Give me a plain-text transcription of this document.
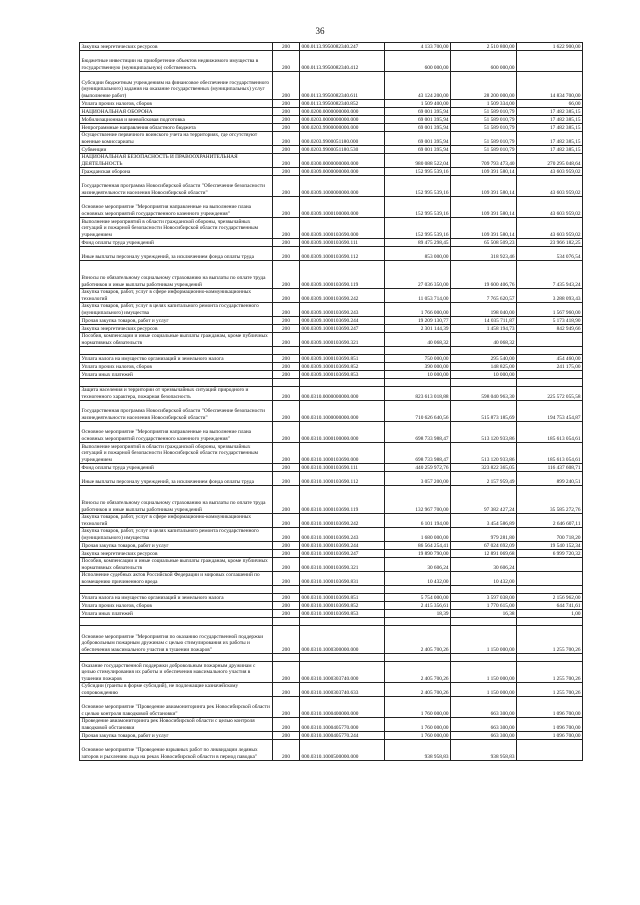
36
Закупка энергетических ресурсов	200	000.0113.9950082340.247	4 133 700,00	2 510 800,00	1 622 900,00
Бюджетные инвестиции на приобретение объектов недвижимого имущества в государственную (муниципальную) собственность	200	000.0113.9950082340.412	600 000,00	600 000,00	
Субсидии бюджетным учреждениям на финансовое обеспечение государственного (муниципального) задания на оказание государственных (муниципальных) услуг (выполнение работ)	200	000.0113.9950082340.611	43 124 200,00	28 200 000,00	14 834 700,00
Уплата прочих налогов, сборов	200	000.0113.9950082340.852	1 509 400,00	1 509 334,00	66,00
НАЦИОНАЛЬНАЯ ОБОРОНА	200	000.0200.0000000000.000	69 001 395,94	51 589 010,79	17 482 385,15
Мобилизационная и вневойсковая подготовка	200	000.0203.0000000000.000	69 001 395,94	51 589 010,79	17 482 385,15
Непрограммные направления областного бюджета	200	000.0203.9900000000.000	69 001 395,94	51 589 010,79	17 482 385,15
Осуществление первичного воинского учета на территориях, где отсутствуют военные комиссариаты	200	000.0203.9900051180.000	69 001 395,94	51 589 010,79	17 482 385,15
Субвенции	200	000.0203.9900051180.530	69 001 395,94	51 589 010,79	17 482 385,15
НАЦИОНАЛЬНАЯ БЕЗОПАСНОСТЬ И ПРАВООХРАНИТЕЛЬНАЯ ДЕЯТЕЛЬНОСТЬ	200	000.0300.0000000000.000	980 088 522,04	709 793 473,40	270 295 048,64
Гражданская оборона	200	000.0309.0000000000.000	152 995 539,16	109 391 580,14	43 603 959,02
Государственная программа Новосибирской области "Обеспечение безопасности жизнедеятельности населения Новосибирской области"	200	000.0309.1000000000.000	152 995 539,16	109 391 580,14	43 603 959,02
Основное мероприятие "Мероприятия направленные на выполнение плана основных мероприятий государственного казенного учреждения"	200	000.0309.1000100000.000	152 995 539,16	109 391 580,14	43 603 959,02
Выполнение мероприятий в области гражданской обороны, чрезвычайных ситуаций и пожарной безопасности Новосибирской области государственным учреждением	200	000.0309.1000103690.000	152 995 539,16	109 391 580,14	43 603 959,02
Фонд оплаты труда учреждений	200	000.0309.1000103690.111	89 475 298,45	65 508 509,23	23 966 182,25
Иные выплаты персоналу учреждений, за исключением фонда оплаты труда	200	000.0309.1000103690.112	853 000,00	318 923,46	534 076,54
Взносы по обязательному социальному страхованию на выплаты по оплате труда работников и иные выплаты работникам учреждений	200	000.0309.1000103690.119	27 036 350,00	19 600 406,76	7 435 943,24
Закупка товаров, работ, услуг в сфере информационно-коммуникационных технологий	200	000.0309.1000103690.242	11 053 714,00	7 765 620,57	3 288 093,43
Закупка товаров, работ, услуг в целях капитального ремонта государственного (муниципального) имущества	200	000.0309.1000103690.243	1 766 000,00	198 040,00	1 567 960,00
Прочая закупка товаров, работ и услуг	200	000.0309.1000103690.244	19 209 130,77	14 035 711,87	5 173 418,90
Закупка энергетических ресурсов	200	000.0309.1000103690.247	2 301 144,39	1 458 194,73	842 949,66
Пособия, компенсации и иные социальные выплаты гражданам, кроме публичных нормативных обязательств	200	000.0309.1000103690.321	40 068,32	40 068,32	

Уплата налога на имущество организаций и земельного налога	200	000.0309.1000103690.851	750 000,00	295 540,00	454 460,00
Уплата прочих налогов, сборов	200	000.0309.1000103690.852	390 000,00	148 825,00	241 175,00
Уплата иных платежей	200	000.0309.1000103690.853	10 000,00	10 000,00	

Защита населения и территории от чрезвычайных ситуаций природного и техногенного характера, пожарная безопасность	200	000.0310.0000000000.000	823 613 018,88	598 040 963,30	225 572 055,58
Государственная программа Новосибирской области "Обеспечение безопасности жизнедеятельности населения Новосибирской области"	200	000.0310.1000000000.000	710 626 640,56	515 873 185,69	194 753 454,87
Основное мероприятие "Мероприятия направленные на выполнение плана основных мероприятий государственного казенного учреждения"	200	000.0310.1000100000.000	698 733 988,47	513 120 933,86	185 613 054,61
Выполнение мероприятий в области гражданской обороны, чрезвычайных ситуаций и пожарной безопасности Новосибирской области государственным учреждением	200	000.0310.1000103690.000	698 733 988,47	513 120 933,86	185 613 054,61
Фонд оплаты труда учреждений	200	000.0310.1000103690.111	440 259 972,76	323 822 365,05	116 437 608,71
Иные выплаты персоналу учреждений, за исключением фонда оплаты труда	200	000.0310.1000103690.112	3 057 200,00	2 157 959,49	899 240,51
Взносы по обязательному социальному страхованию на выплаты по оплате труда работников и иные выплаты работникам учреждений	200	000.0310.1000103690.119	132 967 700,00	97 382 427,24	35 585 272,76
Закупка товаров, работ, услуг в сфере информационно-коммуникационных технологий	200	000.0310.1000103690.242	6 101 194,00	3 454 586,89	2 646 607,11
Закупка товаров, работ, услуг в целях капитального ремонта государственного (муниципального) имущества	200	000.0310.1000103690.243	1 680 000,00	979 281,80	700 718,20
Прочая закупка товаров, работ и услуг	200	000.0310.1000103690.244	86 564 254,41	67 024 692,09	19 540 152,34
Закупка энергетических ресурсов	200	000.0310.1000103690.247	19 890 790,00	12 891 069,68	6 999 720,32
Пособия, компенсации и иные социальные выплаты гражданам, кроме публичных нормативных обязательств	200	000.0310.1000103690.321	30 606,24	30 606,24	
Исполнение судебных актов Российской Федерации и мировых соглашений по возмещению причиненного вреда	200	000.0310.1000103690.831	10 432,00	10 432,00	

Уплата налога на имущество организаций и земельного налога	200	000.0310.1000103690.851	5 754 000,00	3 597 038,00	2 156 962,00
Уплата прочих налогов, сборов	200	000.0310.1000103690.852	2 415 356,61	1 770 615,00	644 741,61
Уплата иных платежей	200	000.0310.1000103690.853	18,39	16,38	1,00

Основное мероприятие "Мероприятия по оказанию государственной поддержки добровольным пожарным дружинам с целью стимулирования их работы и обеспечения максимального участия в тушении пожаров"	200	000.0310.1000300000.000	2 405 700,26	1 150 000,00	1 255 700,26

Оказание государственной поддержки добровольным пожарным дружинам с целью стимулирования их работы и обеспечения максимального участия в тушении пожаров	200	000.0310.1000303740.000	2 405 700,26	1 150 000,00	1 255 700,26
Субсидии (гранты в форме субсидий), не подлежащие казначейскому сопровождению	200	000.0310.1000303740.633	2 405 700,26	1 150 000,00	1 255 700,26
Основное мероприятие "Проведение авиамониторинга рек Новосибирской области с целью контроля паводковой обстановки"	200	000.0310.1000400000.000	1 760 000,00	663 300,00	1 096 700,00
Проведение авиамониторинга рек Новосибирской области с целью контроля паводковой обстановки	200	000.0310.1000405770.000	1 760 000,00	663 300,00	1 096 700,00
Прочая закупка товаров, работ и услуг	200	000.0310.1000405770.244	1 760 000,00	663 300,00	1 096 700,00
Основное мероприятие "Проведение взрывных работ по ликвидации ледяных заторов и рыхлению льда на реках Новосибирской области в период паводка"	200	000.0310.1000500000.000	938 958,83	938 958,83	
